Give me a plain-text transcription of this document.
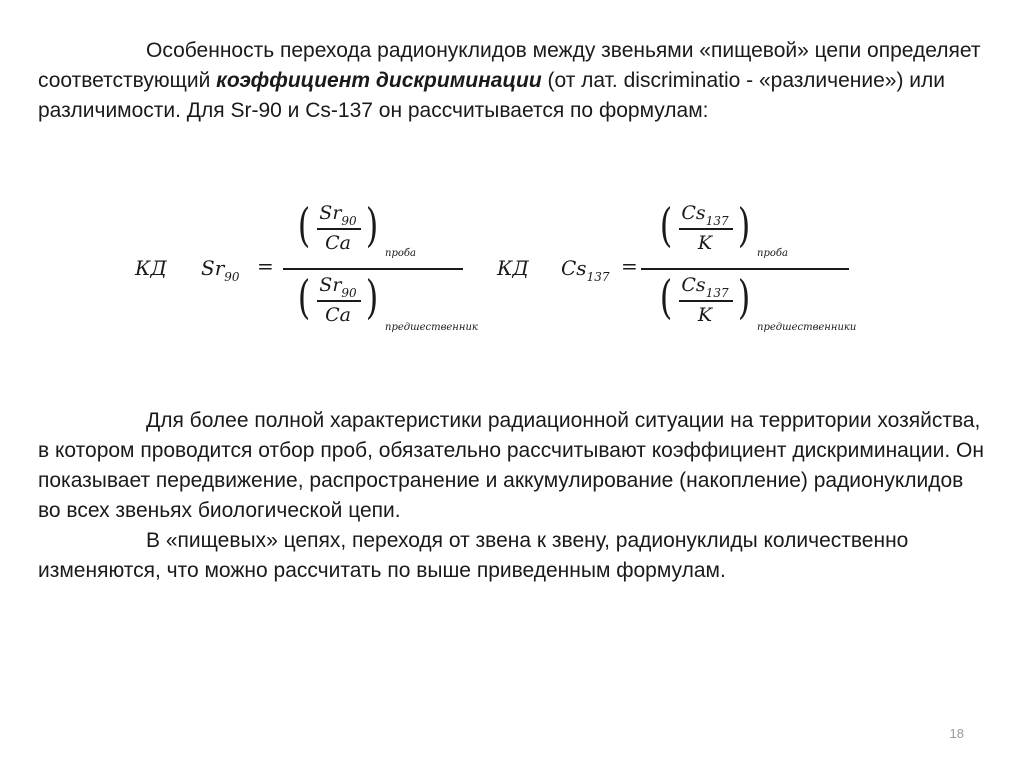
Особенность перехода радионуклидов между звеньями «пищевой» цепи определяет соответствующий коэффициент дискриминации (от лат. discriminatio - «различение») или различимости. Для Sr-90 и Cs-137 он рассчитывается по формулам:

КД $Sr_{90}$ =
( $Sr_{90}$
Ca )
проба
( $Sr_{90}$
Ca )
предшественник
КД $Cs_{137}$ =
( $Cs_{137}$
K )
проба
( $Cs_{137}$
K )
предшественники

Для более полной характеристики радиационной ситуации на территории хозяйства, в котором проводится отбор проб, обязательно рассчитывают коэффициент дискриминации. Он показывает передвижение, распространение и аккумулирование (накопление) радионуклидов во всех звеньях биологической цепи.

В «пищевых» цепях, переходя от звена к звену, радионуклиды количественно изменяются, что можно рассчитать по выше приведенным формулам.

18
